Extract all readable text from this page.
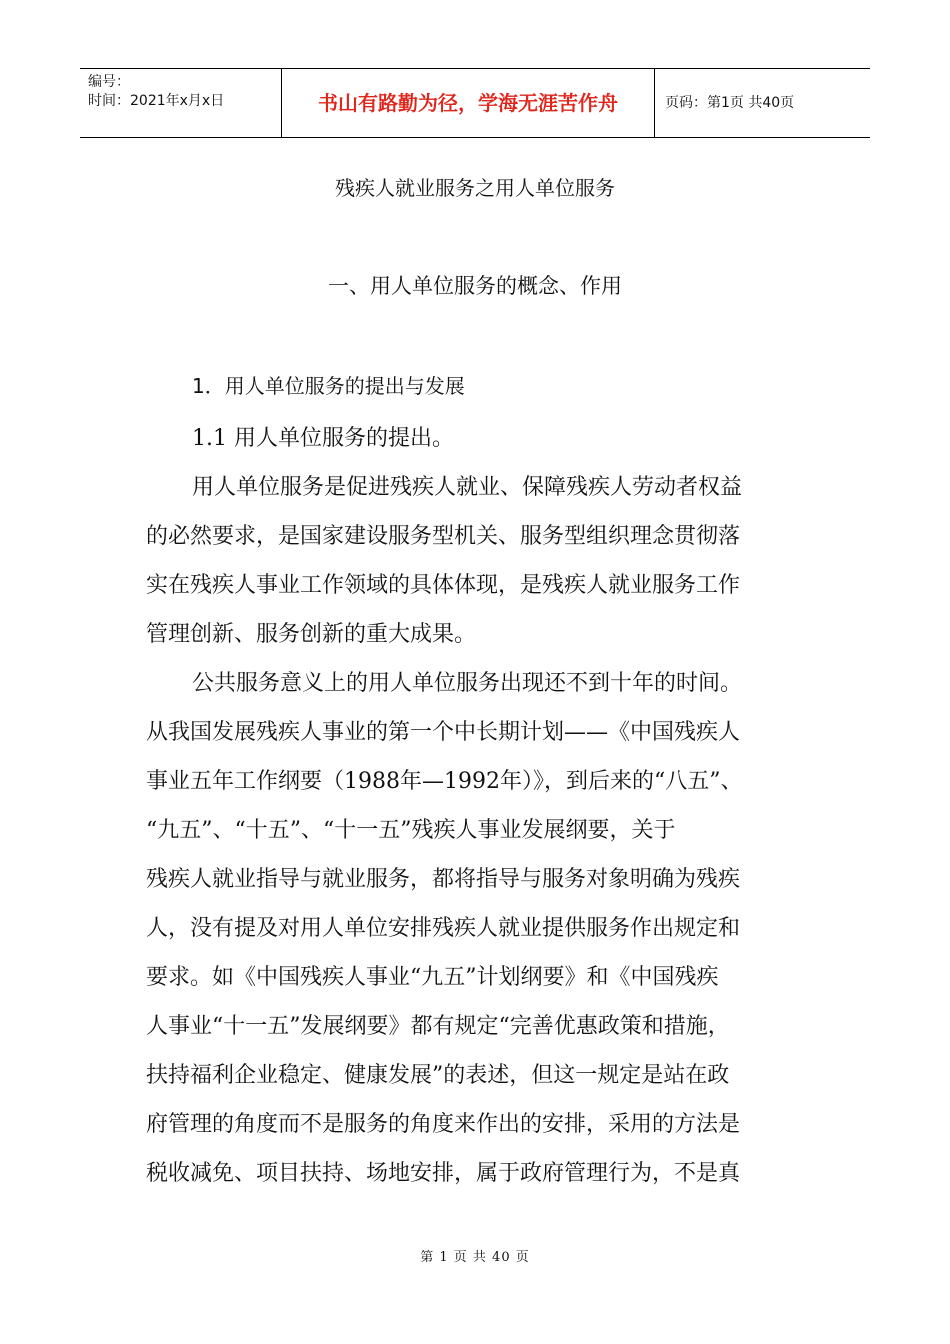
编号：
时间：2021年x月x日	书山有路勤为径，学海无涯苦作舟	页码：第1页 共40页
残疾人就业服务之用人单位服务
一、用人单位服务的概念、作用
1．用人单位服务的提出与发展
1.1 用人单位服务的提出。
用人单位服务是促进残疾人就业、保障残疾人劳动者权益
的必然要求，是国家建设服务型机关、服务型组织理念贯彻落
实在残疾人事业工作领域的具体体现，是残疾人就业服务工作
管理创新、服务创新的重大成果。
公共服务意义上的用人单位服务出现还不到十年的时间。
从我国发展残疾人事业的第一个中长期计划——《中国残疾人
事业五年工作纲要（1988年—1992年）》，到后来的“八五”、
“九五”、“十五”、“十一五”残疾人事业发展纲要，关于
残疾人就业指导与就业服务，都将指导与服务对象明确为残疾
人，没有提及对用人单位安排残疾人就业提供服务作出规定和
要求。如《中国残疾人事业“九五”计划纲要》和《中国残疾
人事业“十一五”发展纲要》都有规定“完善优惠政策和措施，
扶持福利企业稳定、健康发展”的表述，但这一规定是站在政
府管理的角度而不是服务的角度来作出的安排，采用的方法是
税收减免、项目扶持、场地安排，属于政府管理行为，不是真
第 1 页 共 40 页
